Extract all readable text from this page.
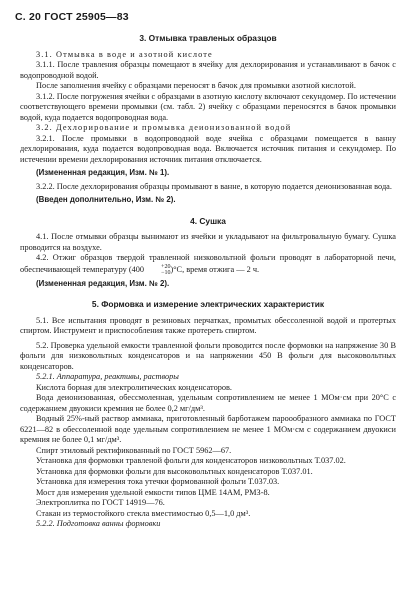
С. 20 ГОСТ 25905—83
3. Отмывка травленых образцов

3.1. Отмывка в воде и азотной кислоте

3.1.1. После травления образцы помещают в ячейку для дехлорирования и устанавливают в бачок с водопроводной водой.

После заполнения ячейку с образцами переносят в бачок для промывки азотной кислотой.

3.1.2. После погружения ячейки с образцами в азотную кислоту включают секундомер. По истечении соответствующего времени промывки (см. табл. 2) ячейку с образцами переносятся в бачок промывки водой, куда подается водопроводная вода.

3.2. Дехлорирование и промывка деионизованной водой

3.2.1. После промывки в водопроводной воде ячейка с образцами помещается в ванну дехлорирования, куда подается водопроводная вода. Включается источник питания и секундомер. По истечении времени дехлорирования источник питания отключается.

(Измененная редакция, Изм. № 1).

3.2.2. После дехлорирования образцы промывают в ванне, в которую подается деионизованная вода.

(Введен дополнительно, Изм. № 2).

4. Сушка

4.1. После отмывки образцы вынимают из ячейки и укладывают на фильтровальную бумагу. Сушка проводится на воздухе.

4.2. Отжиг образцов твердой травленной низковольтной фольги проводят в лабораторной печи, обеспечивающей температуру (400	+20
−10 )°С, время отжига — 2 ч.

(Измененная редакция, Изм. № 2).

5. Формовка и измерение электрических характеристик

5.1. Все испытания проводят в резиновых перчатках, промытых обессоленной водой и протертых спиртом. Инструмент и приспособления также протереть спиртом.

5.2. Проверка удельной емкости травленной фольги проводится после формовки на напряжение 30 В фольги для низковольтных конденсаторов и на напряжении 450 В фольги для высоковольтных конденсаторов.

5.2.1. Аппаратура, реактивы, растворы

Кислота борная для электролитических конденсаторов.

Вода деионизованная, обессмоленная, удельным сопротивлением не менее 1 МОм·см при 20°С с содержанием двуокиси кремния не более 0,2 мг/дм³.

Водный 25%-ный раствор аммиака, приготовленный барботажем пароообразного аммиака по ГОСТ 6221—82 в обессоленной воде удельным сопротивлением не менее 1 МОм·см с содержанием двуокиси кремния не более 0,1 мг/дм³.

Спирт этиловый ректификованный по ГОСТ 5962—67.

Установка для формовки травленой фольги для конденсаторов низковольтных Т.037.02.

Установка для формовки фольги для высоковольтных конденсаторов Т.037.01.

Установка для измерения тока утечки формованной фольги Т.037.03.

Мост для измерения удельной емкости типов ЦМЕ 14АМ, РМЗ-8.

Электроплитка по ГОСТ 14919—76.

Стакан из термостойкого стекла вместимостью 0,5—1,0 дм³.

5.2.2. Подготовка ванны формовки
